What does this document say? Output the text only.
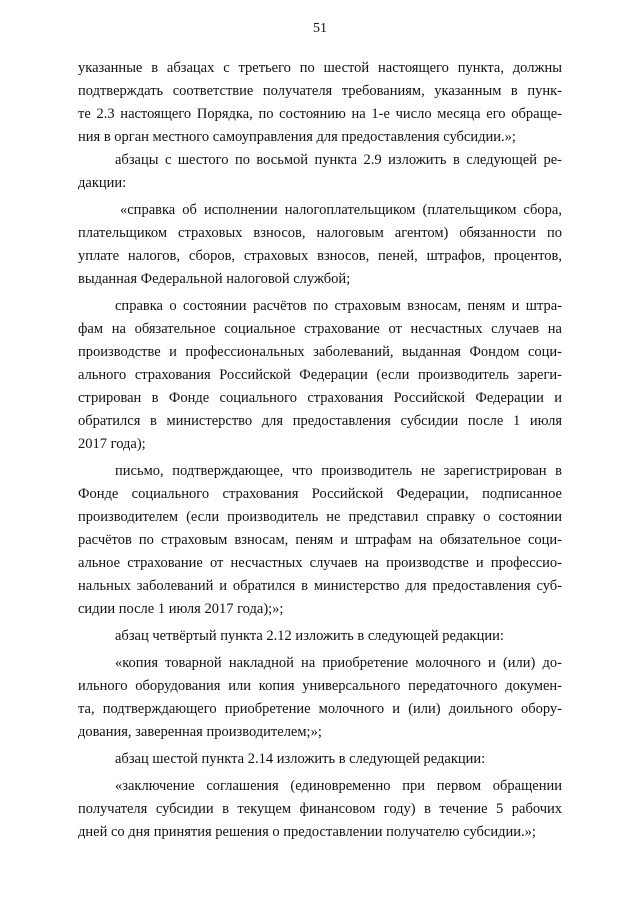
51
указанные в абзацах с третьего по шестой настоящего пункта, должны
подтверждать соответствие получателя требованиям, указанным в пунк-
те 2.3 настоящего Порядка, по состоянию на 1-е число месяца его обраще-
ния в орган местного самоуправления для предоставления субсидии.»;
абзацы с шестого по восьмой пункта 2.9 изложить в следующей ре-
дакции:
«справка об исполнении налогоплательщиком (плательщиком сбора,
плательщиком страховых взносов, налоговым агентом) обязанности по
уплате налогов, сборов, страховых взносов, пеней, штрафов, процентов,
выданная Федеральной налоговой службой;
справка о состоянии расчётов по страховым взносам, пеням и штра-
фам на обязательное социальное страхование от несчастных случаев на
производстве и профессиональных заболеваний, выданная Фондом соци-
ального страхования Российской Федерации (если производитель зареги-
стрирован в Фонде социального страхования Российской Федерации и
обратился в министерство для предоставления субсидии после 1 июля
2017 года);
письмо, подтверждающее, что производитель не зарегистрирован в
Фонде социального страхования Российской Федерации, подписанное
производителем (если производитель не представил справку о состоянии
расчётов по страховым взносам, пеням и штрафам на обязательное соци-
альное страхование от несчастных случаев на производстве и профессио-
нальных заболеваний и обратился в министерство для предоставления суб-
сидии после 1 июля 2017 года);»;
абзац четвёртый пункта 2.12 изложить в следующей редакции:
«копия товарной накладной на приобретение молочного и (или) до-
ильного оборудования или копия универсального передаточного докумен-
та, подтверждающего приобретение молочного и (или) доильного обору-
дования, заверенная производителем;»;
абзац шестой пункта 2.14 изложить в следующей редакции:
«заключение соглашения (единовременно при первом обращении
получателя субсидии в текущем финансовом году) в течение 5 рабочих
дней со дня принятия решения о предоставлении получателю субсидии.»;
